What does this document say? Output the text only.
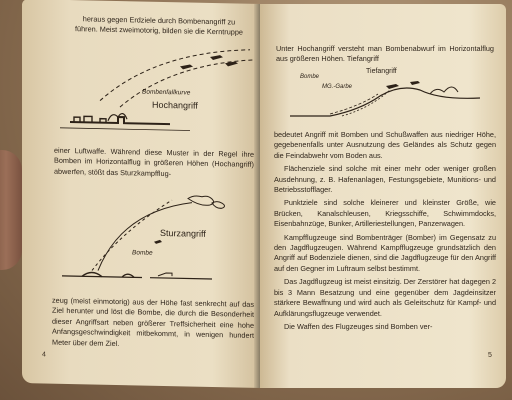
heraus gegen Erdziele durch Bombenangriff zu
führen. Meist zweimotorig, bilden sie die Kerntruppe
Bombenfallkurve
Hochangriff
einer Luftwaffe. Während diese Muster in der Regel ihre Bomben im Horizontalflug in größeren Höhen (Hochangriff) abwerfen, stößt das Sturzkampfflug-
Sturzangriff
Bombe
zeug (meist einmotorig) aus der Höhe fast senkrecht auf das Ziel herunter und löst die Bombe, die durch die Besonderheit dieser Angriffsart neben größerer Treffsicherheit eine hohe Anfangsgeschwindigkeit mitbekommt, in wenigen hundert Meter über dem Ziel.
4
Unter Hochangriff versteht man Bombenabwurf im Horizontalflug aus größeren Höhen. Tiefangriff
Bombe
MG.-Garbe
Tiefangriff

bedeutet Angriff mit Bomben und Schußwaffen aus niedriger Höhe, gegebenenfalls unter Ausnutzung des Geländes als Schutz gegen die Feindabwehr vom Boden aus.

Flächenziele sind solche mit einer mehr oder weniger großen Ausdehnung, z. B. Hafenanlagen, Festungsgebiete, Munitions- und Betriebsstofflager.

Punktziele sind solche kleinerer und kleinster Größe, wie Brücken, Kanalschleusen, Kriegsschiffe, Schwimmdocks, Eisenbahnzüge, Bunker, Artilleriestellungen, Panzerwagen.

Kampfflugzeuge sind Bombenträger (Bomber) im Gegensatz zu den Jagdflugzeugen. Während Kampfflugzeuge grundsätzlich den Angriff auf Bodenziele dienen, sind die Jagdflugzeuge für den Angriff auf den Gegner im Luftraum selbst bestimmt.

Das Jagdflugzeug ist meist einsitzig. Der Zerstörer hat dagegen 2 bis 3 Mann Besatzung und eine gegenüber dem Jagdeinsitzer stärkere Bewaffnung und wird auch als Geleitschutz für Kampf- und Aufklärungsflugzeuge verwendet.

Die Waffen des Flugzeuges sind Bomben ver-

5
